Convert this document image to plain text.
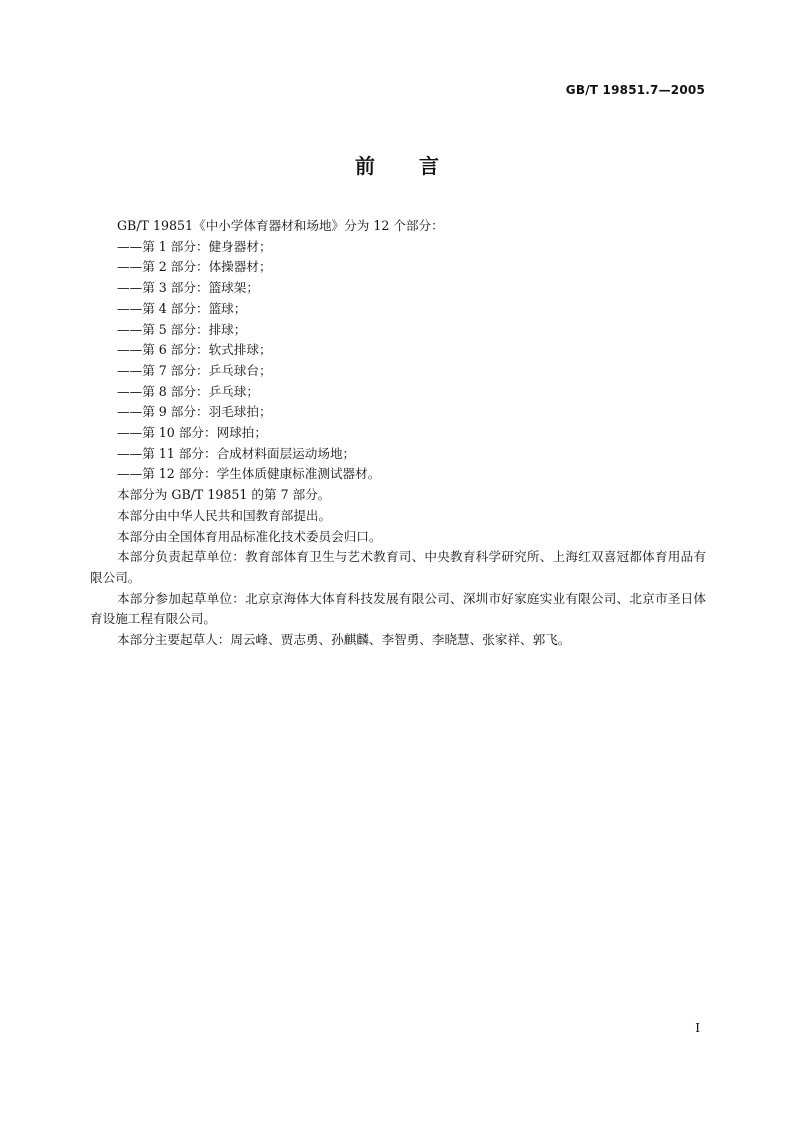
GB/T 19851.7—2005
前言

GB/T 19851《中小学体育器材和场地》分为 12 个部分：

——第 1 部分：健身器材；

——第 2 部分：体操器材；

——第 3 部分：篮球架；

——第 4 部分：篮球；

——第 5 部分：排球；

——第 6 部分：软式排球；

——第 7 部分：乒乓球台；

——第 8 部分：乒乓球；

——第 9 部分：羽毛球拍；

——第 10 部分：网球拍；

——第 11 部分：合成材料面层运动场地；

——第 12 部分：学生体质健康标准测试器材。

本部分为 GB/T 19851 的第 7 部分。

本部分由中华人民共和国教育部提出。

本部分由全国体育用品标准化技术委员会归口。

本部分负责起草单位：教育部体育卫生与艺术教育司、中央教育科学研究所、上海红双喜冠都体育用品有限公司。

本部分参加起草单位：北京京海体大体育科技发展有限公司、深圳市好家庭实业有限公司、北京市圣日体育设施工程有限公司。

本部分主要起草人：周云峰、贾志勇、孙麒麟、李智勇、李晓慧、张家祥、郭飞。

I
